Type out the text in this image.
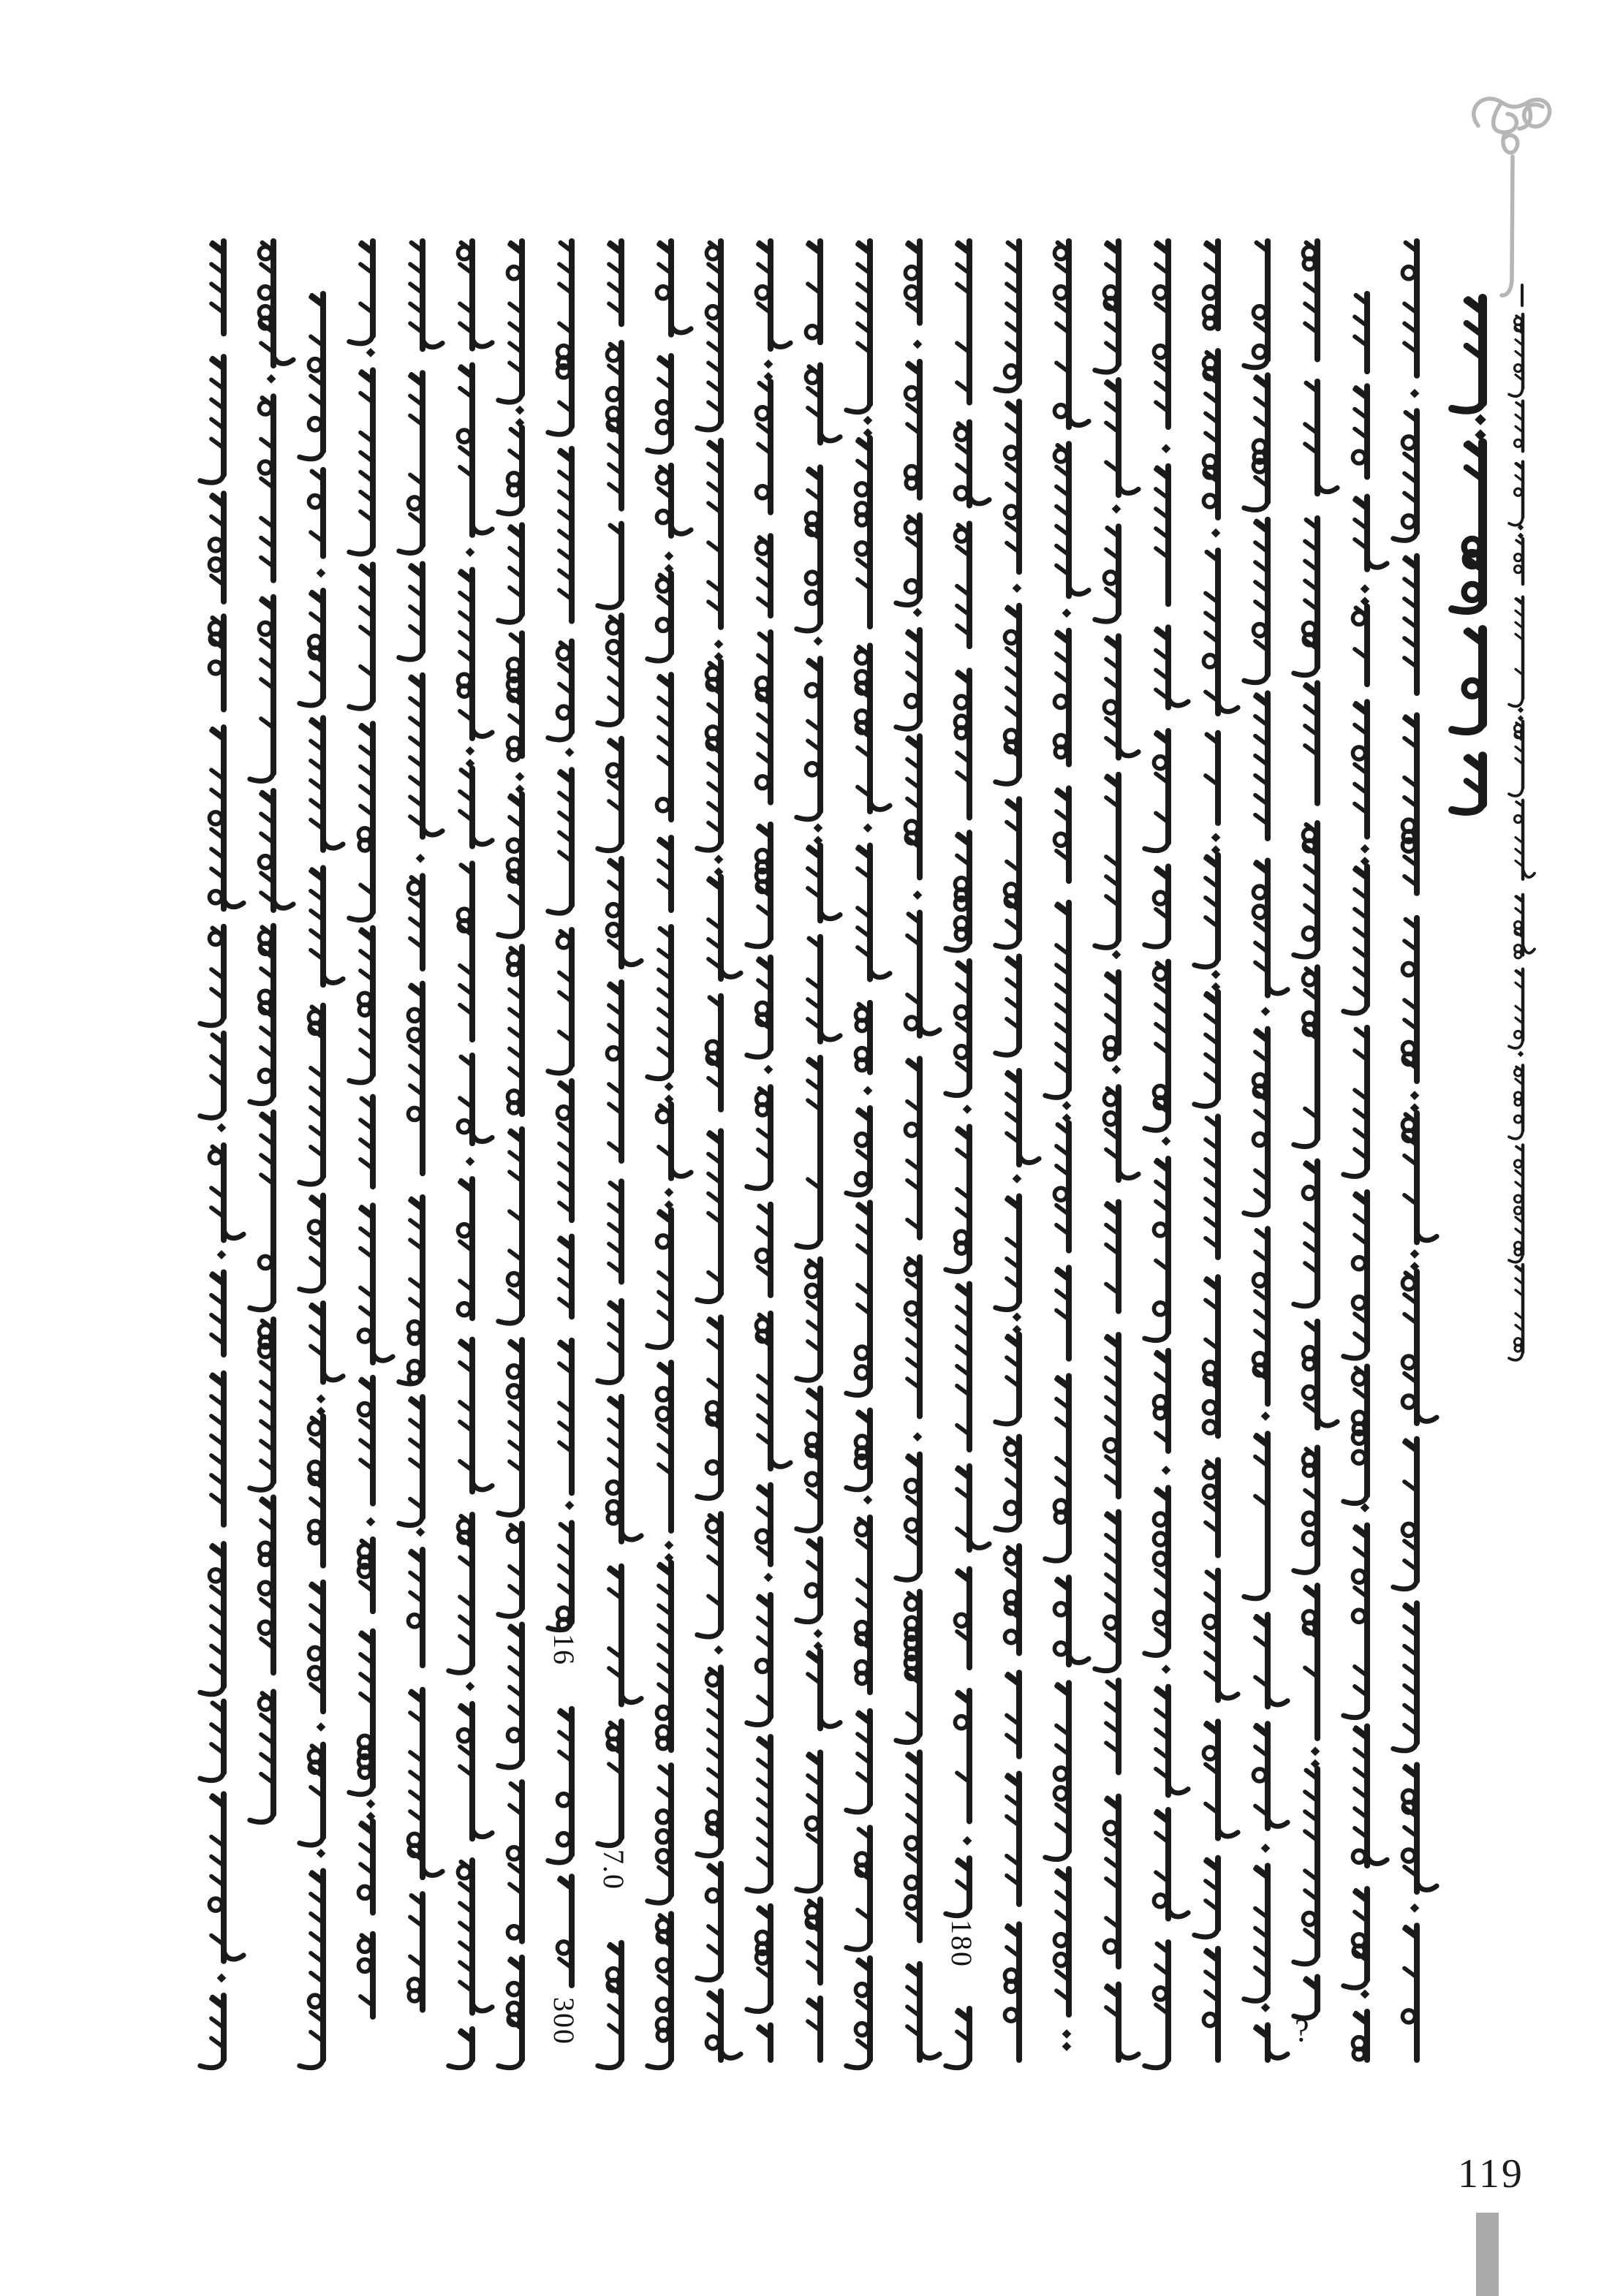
16
300
7.0
180
?
119
